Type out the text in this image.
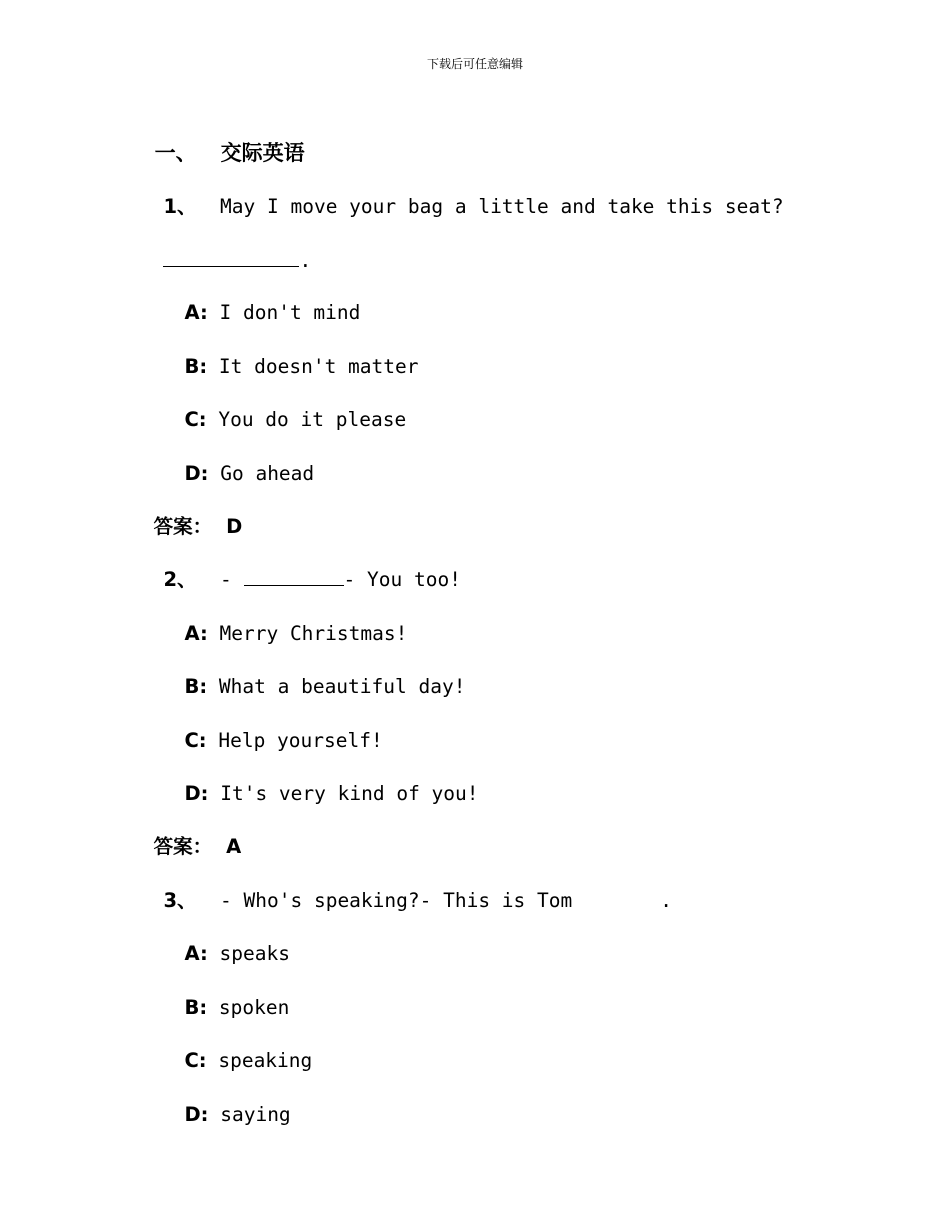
下载后可任意编辑

一、 交际英语

1、 May I move your bag a little and take this seat?

.

A: I don't mind

B: It doesn't matter

C: You do it please

D: Go ahead

答案： D

2、 -	- You too!

A: Merry Christmas!

B: What a beautiful day!

C: Help yourself!

D: It's very kind of you!

答案： A

3、 - Who's speaking?- This is Tom	.

A: speaks

B: spoken

C: speaking

D: saying
